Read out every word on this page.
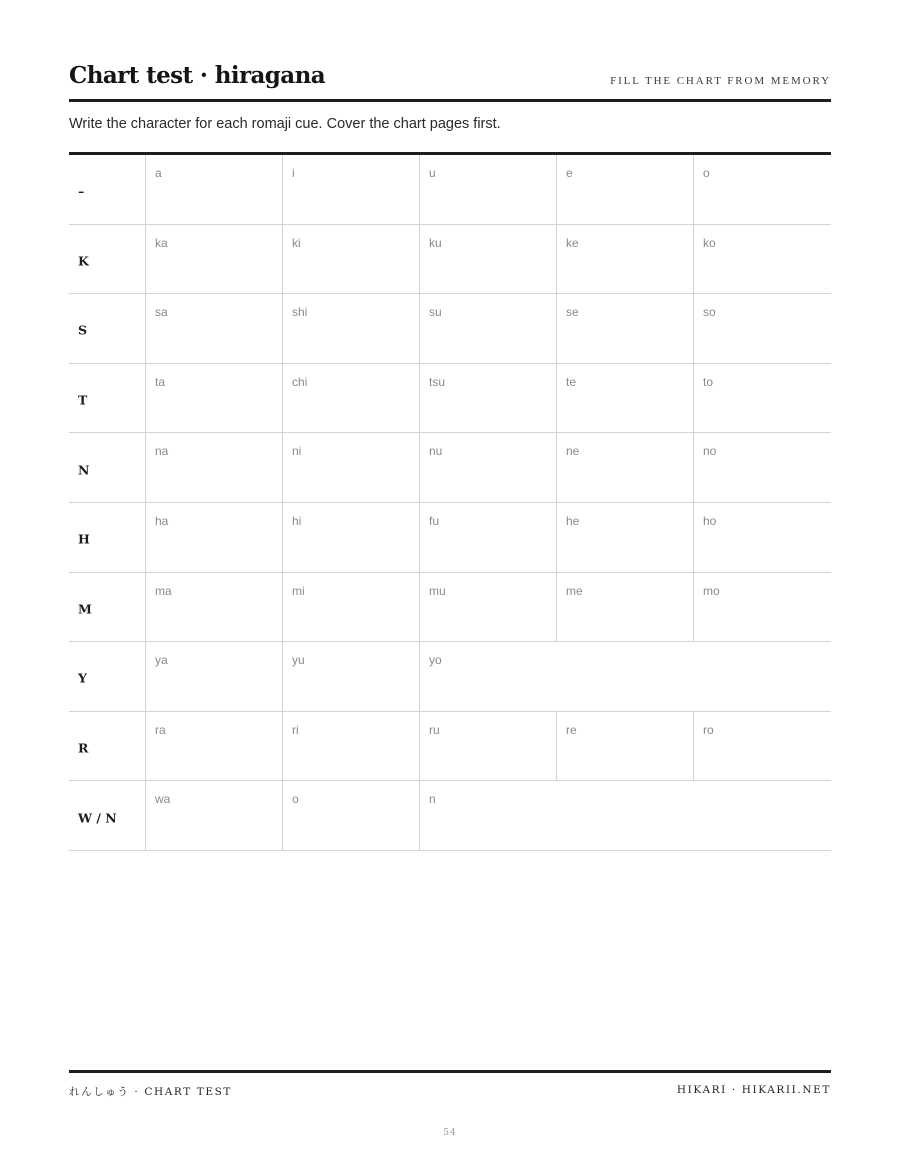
Chart test · hiragana	FILL THE CHART FROM MEMORY
Write the character for each romaji cue. Cover the chart pages first.
–
a	i	u	e	o
K
ka	ki	ku	ke	ko
S
sa	shi	su	se	so
T
ta	chi	tsu	te	to
N
na	ni	nu	ne	no
H
ha	hi	fu	he	ho
M
ma	mi	mu	me	mo
Y
ya	yu	yo
R
ra	ri	ru	re	ro
W / N
wa	o	n
れんしゅう · CHART TEST	HIKARI · HIKARII.NET
54
